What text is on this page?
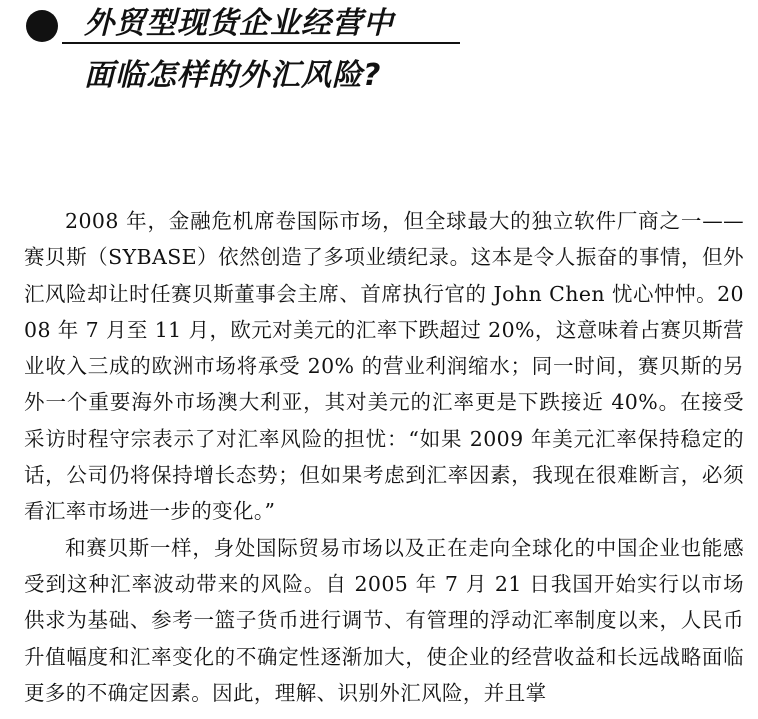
外贸型现货企业经营中
面临怎样的外汇风险?

2008 年，金融危机席卷国际市场，但全球最大的独立软件厂商之一——赛贝斯（SYBASE）依然创造了多项业绩纪录。这本是令人振奋的事情，但外汇风险却让时任赛贝斯董事会主席、首席执行官的 John Chen 忧心忡忡。2008 年 7 月至 11 月，欧元对美元的汇率下跌超过 20%，这意味着占赛贝斯营业收入三成的欧洲市场将承受 20% 的营业利润缩水；同一时间，赛贝斯的另外一个重要海外市场澳大利亚，其对美元的汇率更是下跌接近 40%。在接受采访时程守宗表示了对汇率风险的担忧：“如果 2009 年美元汇率保持稳定的话，公司仍将保持增长态势；但如果考虑到汇率因素，我现在很难断言，必须看汇率市场进一步的变化。”

和赛贝斯一样，身处国际贸易市场以及正在走向全球化的中国企业也能感受到这种汇率波动带来的风险。自 2005 年 7 月 21 日我国开始实行以市场供求为基础、参考一篮子货币进行调节、有管理的浮动汇率制度以来，人民币升值幅度和汇率变化的不确定性逐渐加大，使企业的经营收益和长远战略面临更多的不确定因素。因此，理解、识别外汇风险，并且掌
